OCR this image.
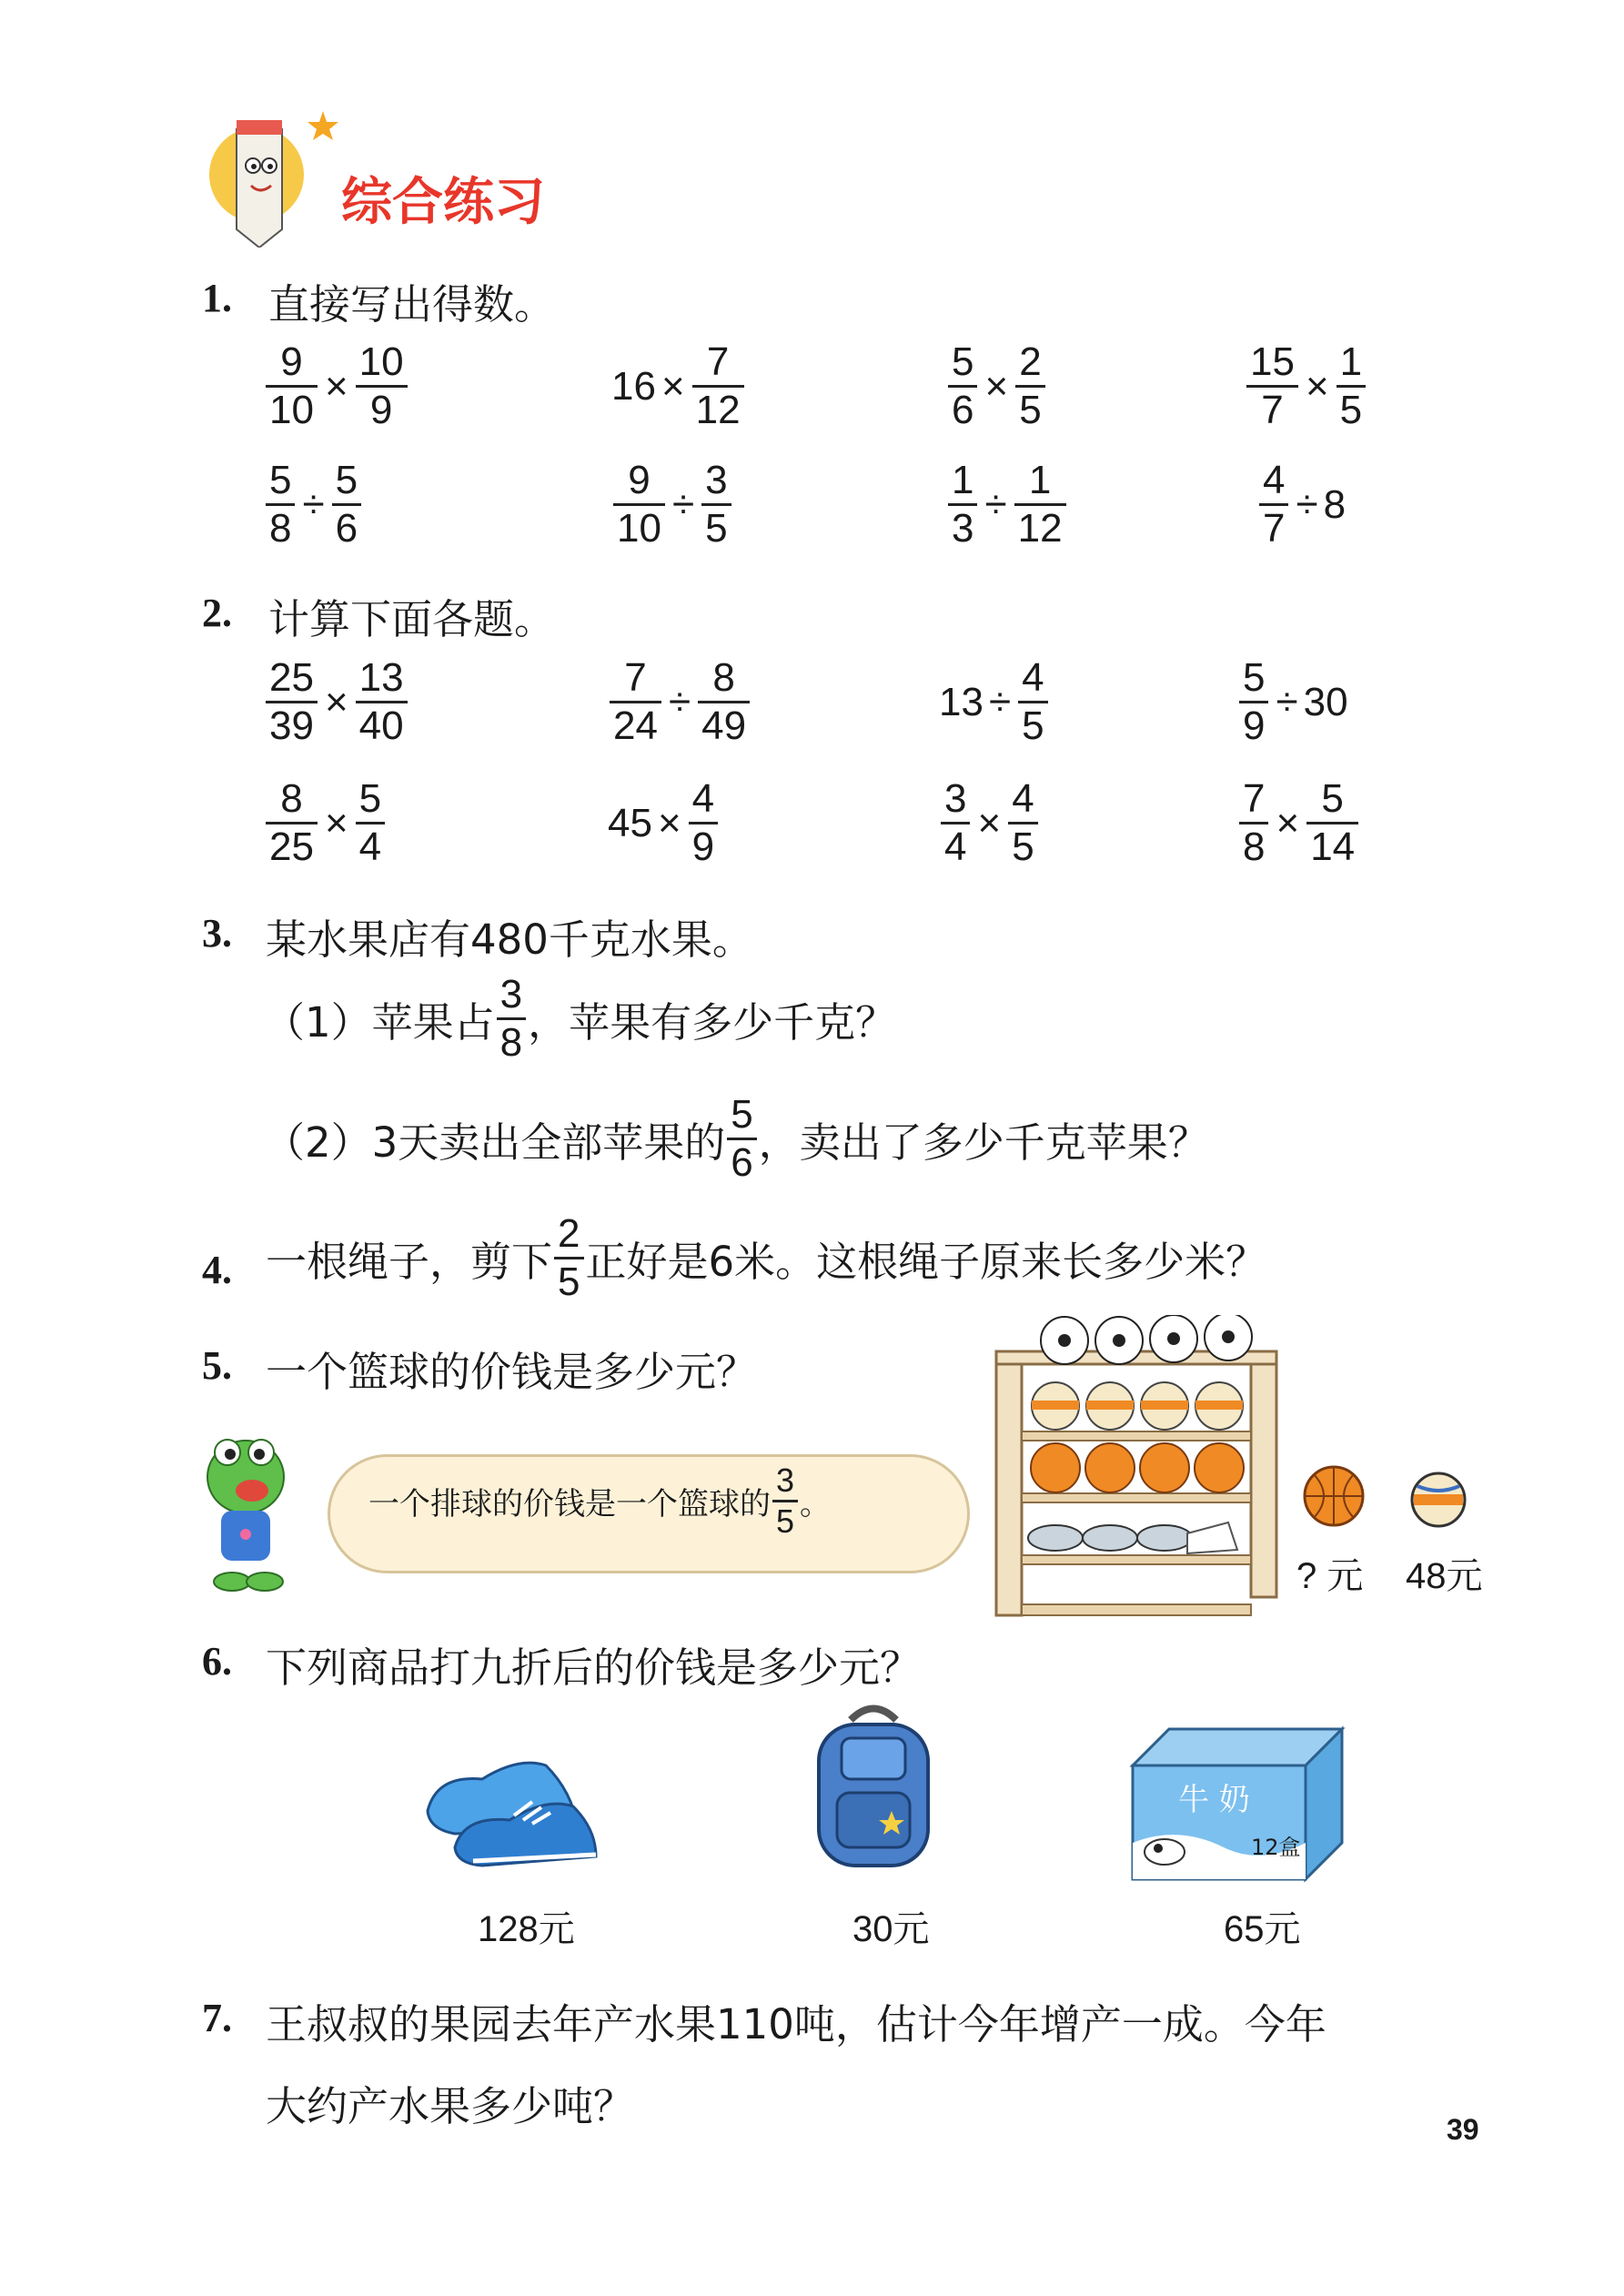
综合练习
1. 直接写出得数。
$\frac{9}{10} \times \frac{10}{9}$	$16 \times \frac{7}{12}$	$\frac{5}{6} \times \frac{2}{5}$	$\frac{15}{7} \times \frac{1}{5}$
$\frac{5}{8} \div \frac{5}{6}$	$\frac{9}{10} \div \frac{3}{5}$	$\frac{1}{3} \div \frac{1}{12}$	$\frac{4}{7} \div 8$
2. 计算下面各题。
$\frac{25}{39} \times \frac{13}{40}$	$\frac{7}{24} \div \frac{8}{49}$	$13 \div \frac{4}{5}$	$\frac{5}{9} \div 30$
$\frac{8}{25} \times \frac{5}{4}$	$45 \times \frac{4}{9}$	$\frac{3}{4} \times \frac{4}{5}$	$\frac{7}{8} \times \frac{5}{14}$
3. 某水果店有480千克水果。
（1）苹果占 $\frac{3}{8}$ ，苹果有多少千克？
（2）3天卖出全部苹果的 $\frac{5}{6}$ ，卖出了多少千克苹果？
4. 一根绳子，剪下 $\frac{2}{5}$ 正好是6米。这根绳子原来长多少米？
5. 一个篮球的价钱是多少元？
一个排球的价钱是一个篮球的 $\frac{3}{5}$ 。
? 元 48元
6. 下列商品打九折后的价钱是多少元？
牛 奶
12盒
128元	30元	65元
7. 王叔叔的果园去年产水果110吨，估计今年增产一成。今年
大约产水果多少吨？	39
